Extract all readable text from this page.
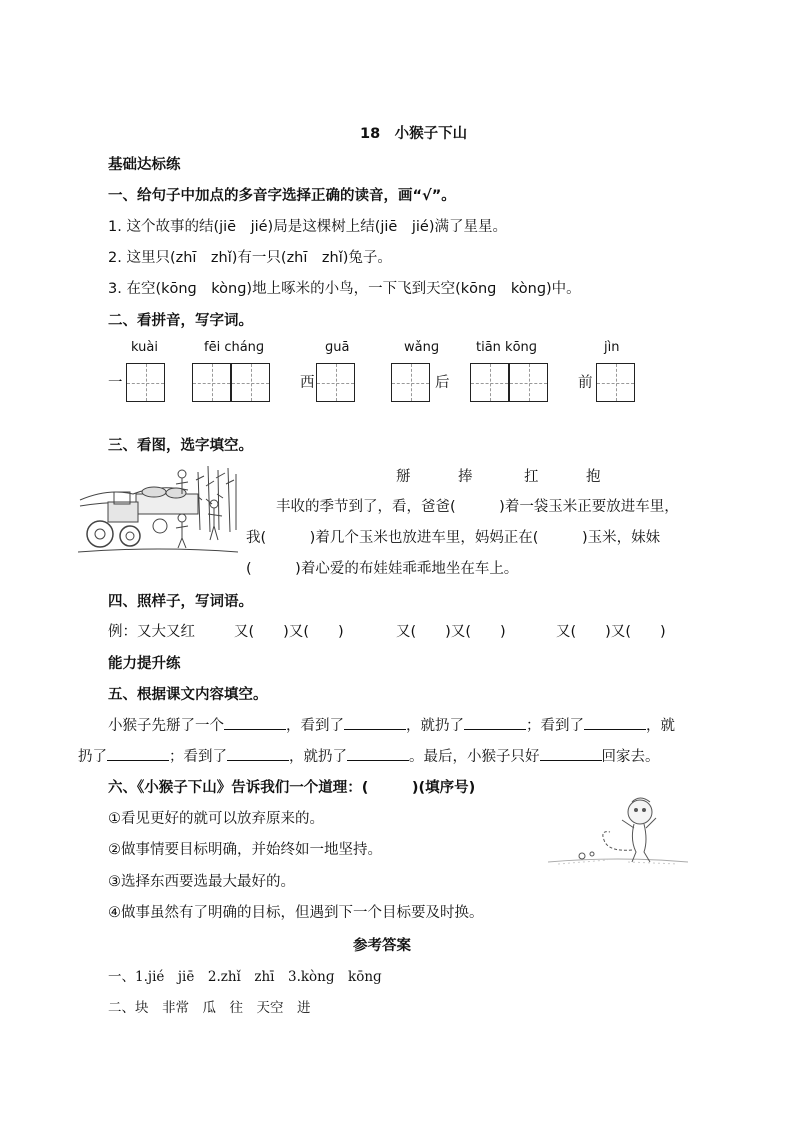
18　小猴子下山
基础达标练
一、给句子中加点的多音字选择正确的读音，画“√”。
1. 这个故事的结(jiē　jié)局是这棵树上结(jiē　jié)满了星星。
2. 这里只(zhī　zhǐ)有一只(zhī　zhǐ)兔子。
3. 在空(kōnɡ　kònɡ)地上啄米的小鸟，一下飞到天空(kōnɡ　kònɡ)中。
二、看拼音，写字词。
kuài	fēi chánɡ	ɡuā	wǎnɡ	tiān kōnɡ	jìn
一	西	后	前
三、看图，选字填空。
掰	捧	扛	抱
丰收的季节到了，看，爸爸(　　　)着一袋玉米正要放进车里，
我(　　　)着几个玉米也放进车里，妈妈正在(　　　)玉米，妹妹
(　　　)着心爱的布娃娃乖乖地坐在车上。
四、照样子，写词语。
例：又大又红	又(　　)又(　　)	又(　　)又(　　)	又(　　)又(　　)
能力提升练
五、根据课文内容填空。
小猴子先掰了一个	，看到了	，就扔了	；看到了	，就
扔了	；看到了	，就扔了	。最后，小猴子只好	回家去。
六、《小猴子下山》告诉我们一个道理：(　　　)(填序号)
①看见更好的就可以放弃原来的。
②做事情要目标明确，并始终如一地坚持。
③选择东西要选最大最好的。
④做事虽然有了明确的目标，但遇到下一个目标要及时换。
参考答案
一、1.jié　jiē　2.zhǐ　zhī　3.kònɡ　kōnɡ
二、块　非常　瓜　往　天空　进
